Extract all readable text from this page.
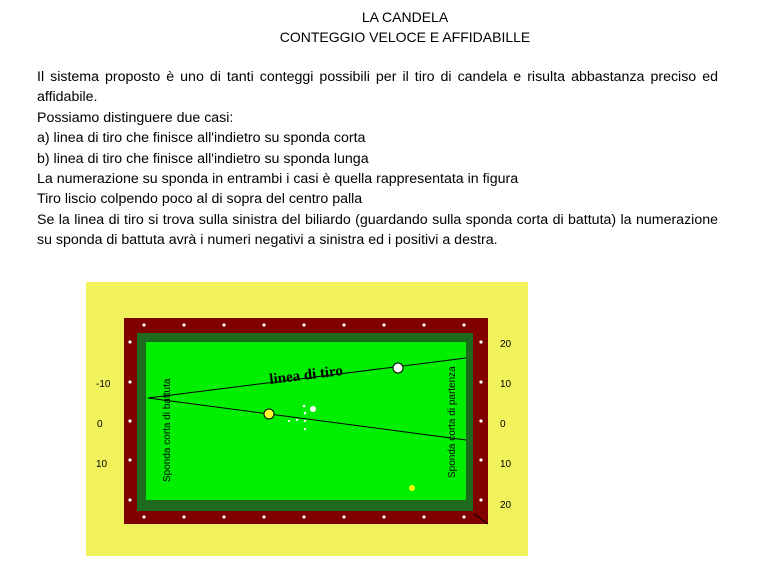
LA CANDELA
CONTEGGIO VELOCE E AFFIDABILLE

Il sistema proposto è uno di tanti conteggi possibili per il tiro di candela e risulta abbastanza preciso ed affidabile.

Possiamo distinguere due casi:

a) linea di tiro che finisce all'indietro su sponda corta

b) linea di tiro che finisce all'indietro su sponda lunga

La numerazione su sponda in entrambi i casi è quella rappresentata in figura

Tiro liscio colpendo poco al di sopra del centro palla

Se la linea di tiro si trova sulla sinistra del biliardo (guardando sulla sponda corta di battuta) la numerazione su sponda di battuta avrà i numeri negativi a sinistra ed i positivi a destra.

linea di tiro
Sponda corta di battuta	Sponda corta di partenza
-10
0
10
20
10
0
10
20
